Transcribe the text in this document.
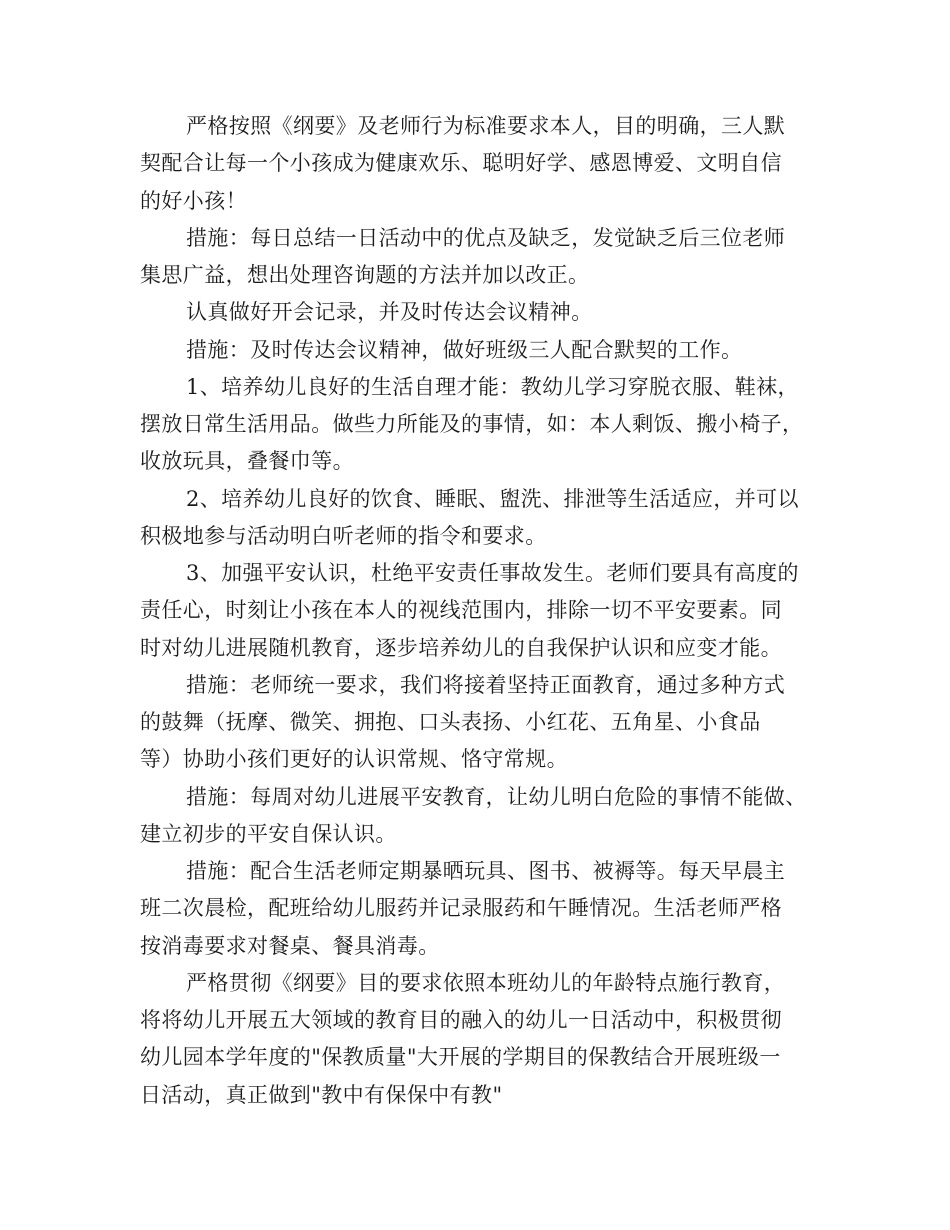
严格按照《纲要》及老师行为标准要求本人，目的明确，三人默
契配合让每一个小孩成为健康欢乐、聪明好学、感恩博爱、文明自信
的好小孩！
措施：每日总结一日活动中的优点及缺乏，发觉缺乏后三位老师
集思广益，想出处理咨询题的方法并加以改正。
认真做好开会记录，并及时传达会议精神。
措施：及时传达会议精神，做好班级三人配合默契的工作。
1、培养幼儿良好的生活自理才能：教幼儿学习穿脱衣服、鞋袜，
摆放日常生活用品。做些力所能及的事情，如：本人剩饭、搬小椅子，
收放玩具，叠餐巾等。
2、培养幼儿良好的饮食、睡眠、盥洗、排泄等生活适应，并可以
积极地参与活动明白听老师的指令和要求。
3、加强平安认识，杜绝平安责任事故发生。老师们要具有高度的
责任心，时刻让小孩在本人的视线范围内，排除一切不平安要素。同
时对幼儿进展随机教育，逐步培养幼儿的自我保护认识和应变才能。
措施：老师统一要求，我们将接着坚持正面教育，通过多种方式
的鼓舞（抚摩、微笑、拥抱、口头表扬、小红花、五角星、小食品
等）协助小孩们更好的认识常规、恪守常规。
措施：每周对幼儿进展平安教育，让幼儿明白危险的事情不能做、
建立初步的平安自保认识。
措施：配合生活老师定期暴晒玩具、图书、被褥等。每天早晨主
班二次晨检，配班给幼儿服药并记录服药和午睡情况。生活老师严格
按消毒要求对餐桌、餐具消毒。
严格贯彻《纲要》目的要求依照本班幼儿的年龄特点施行教育，
将将幼儿开展五大领域的教育目的融入的幼儿一日活动中，积极贯彻
幼儿园本学年度的"保教质量"大开展的学期目的保教结合开展班级一
日活动，真正做到"教中有保保中有教"
